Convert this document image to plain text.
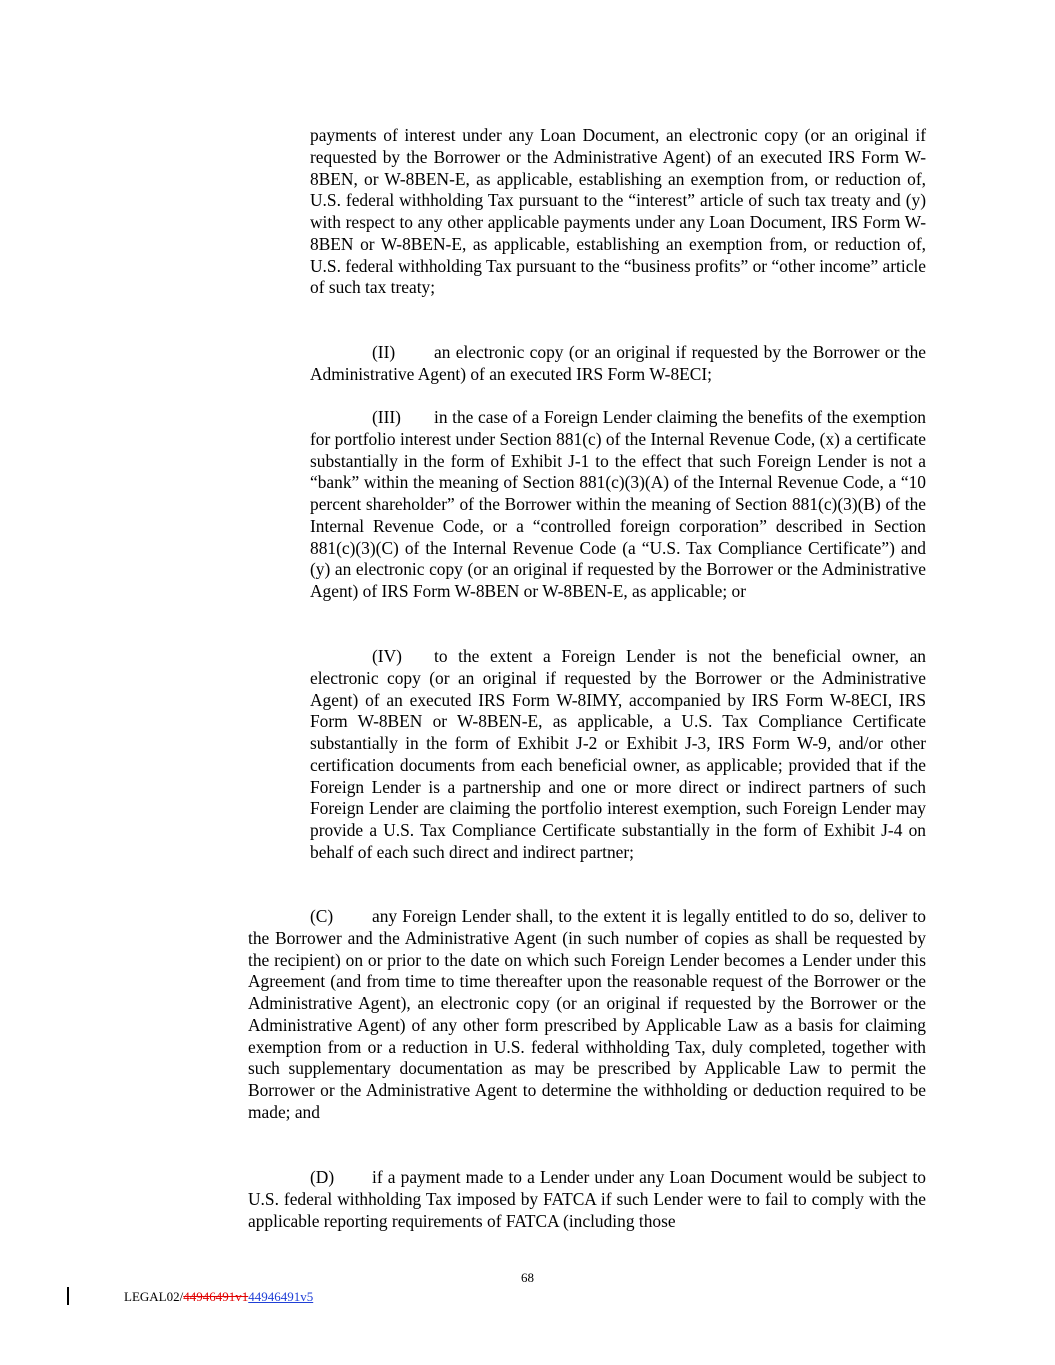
payments of interest under any Loan Document, an electronic copy (or an original if requested by the Borrower or the Administrative Agent) of an executed IRS Form W-8BEN, or W-8BEN-E, as applicable, establishing an exemption from, or reduction of, U.S. federal withholding Tax pursuant to the “interest” article of such tax treaty and (y) with respect to any other applicable payments under any Loan Document, IRS Form W-8BEN or W-8BEN-E, as applicable, establishing an exemption from, or reduction of, U.S. federal withholding Tax pursuant to the “business profits” or “other income” article of such tax treaty;

(II) an electronic copy (or an original if requested by the Borrower or the Administrative Agent) of an executed IRS Form W-8ECI;

(III) in the case of a Foreign Lender claiming the benefits of the exemption for portfolio interest under Section 881(c) of the Internal Revenue Code, (x) a certificate substantially in the form of Exhibit J-1 to the effect that such Foreign Lender is not a “bank” within the meaning of Section 881(c)(3)(A) of the Internal Revenue Code, a “10 percent shareholder” of the Borrower within the meaning of Section 881(c)(3)(B) of the Internal Revenue Code, or a “controlled foreign corporation” described in Section 881(c)(3)(C) of the Internal Revenue Code (a “U.S. Tax Compliance Certificate”) and (y) an electronic copy (or an original if requested by the Borrower or the Administrative Agent) of IRS Form W-8BEN or W-8BEN-E, as applicable; or

(IV) to the extent a Foreign Lender is not the beneficial owner, an electronic copy (or an original if requested by the Borrower or the Administrative Agent) of an executed IRS Form W-8IMY, accompanied by IRS Form W-8ECI, IRS Form W-8BEN or W-8BEN-E, as applicable, a U.S. Tax Compliance Certificate substantially in the form of Exhibit J-2 or Exhibit J-3, IRS Form W-9, and/or other certification documents from each beneficial owner, as applicable; provided that if the Foreign Lender is a partnership and one or more direct or indirect partners of such Foreign Lender are claiming the portfolio interest exemption, such Foreign Lender may provide a U.S. Tax Compliance Certificate substantially in the form of Exhibit J-4 on behalf of each such direct and indirect partner;

(C) any Foreign Lender shall, to the extent it is legally entitled to do so, deliver to the Borrower and the Administrative Agent (in such number of copies as shall be requested by the recipient) on or prior to the date on which such Foreign Lender becomes a Lender under this Agreement (and from time to time thereafter upon the reasonable request of the Borrower or the Administrative Agent), an electronic copy (or an original if requested by the Borrower or the Administrative Agent) of any other form prescribed by Applicable Law as a basis for claiming exemption from or a reduction in U.S. federal withholding Tax, duly completed, together with such supplementary documentation as may be prescribed by Applicable Law to permit the Borrower or the Administrative Agent to determine the withholding or deduction required to be made; and

(D) if a payment made to a Lender under any Loan Document would be subject to U.S. federal withholding Tax imposed by FATCA if such Lender were to fail to comply with the applicable reporting requirements of FATCA (including those

68
LEGAL02/44946491v144946491v5
